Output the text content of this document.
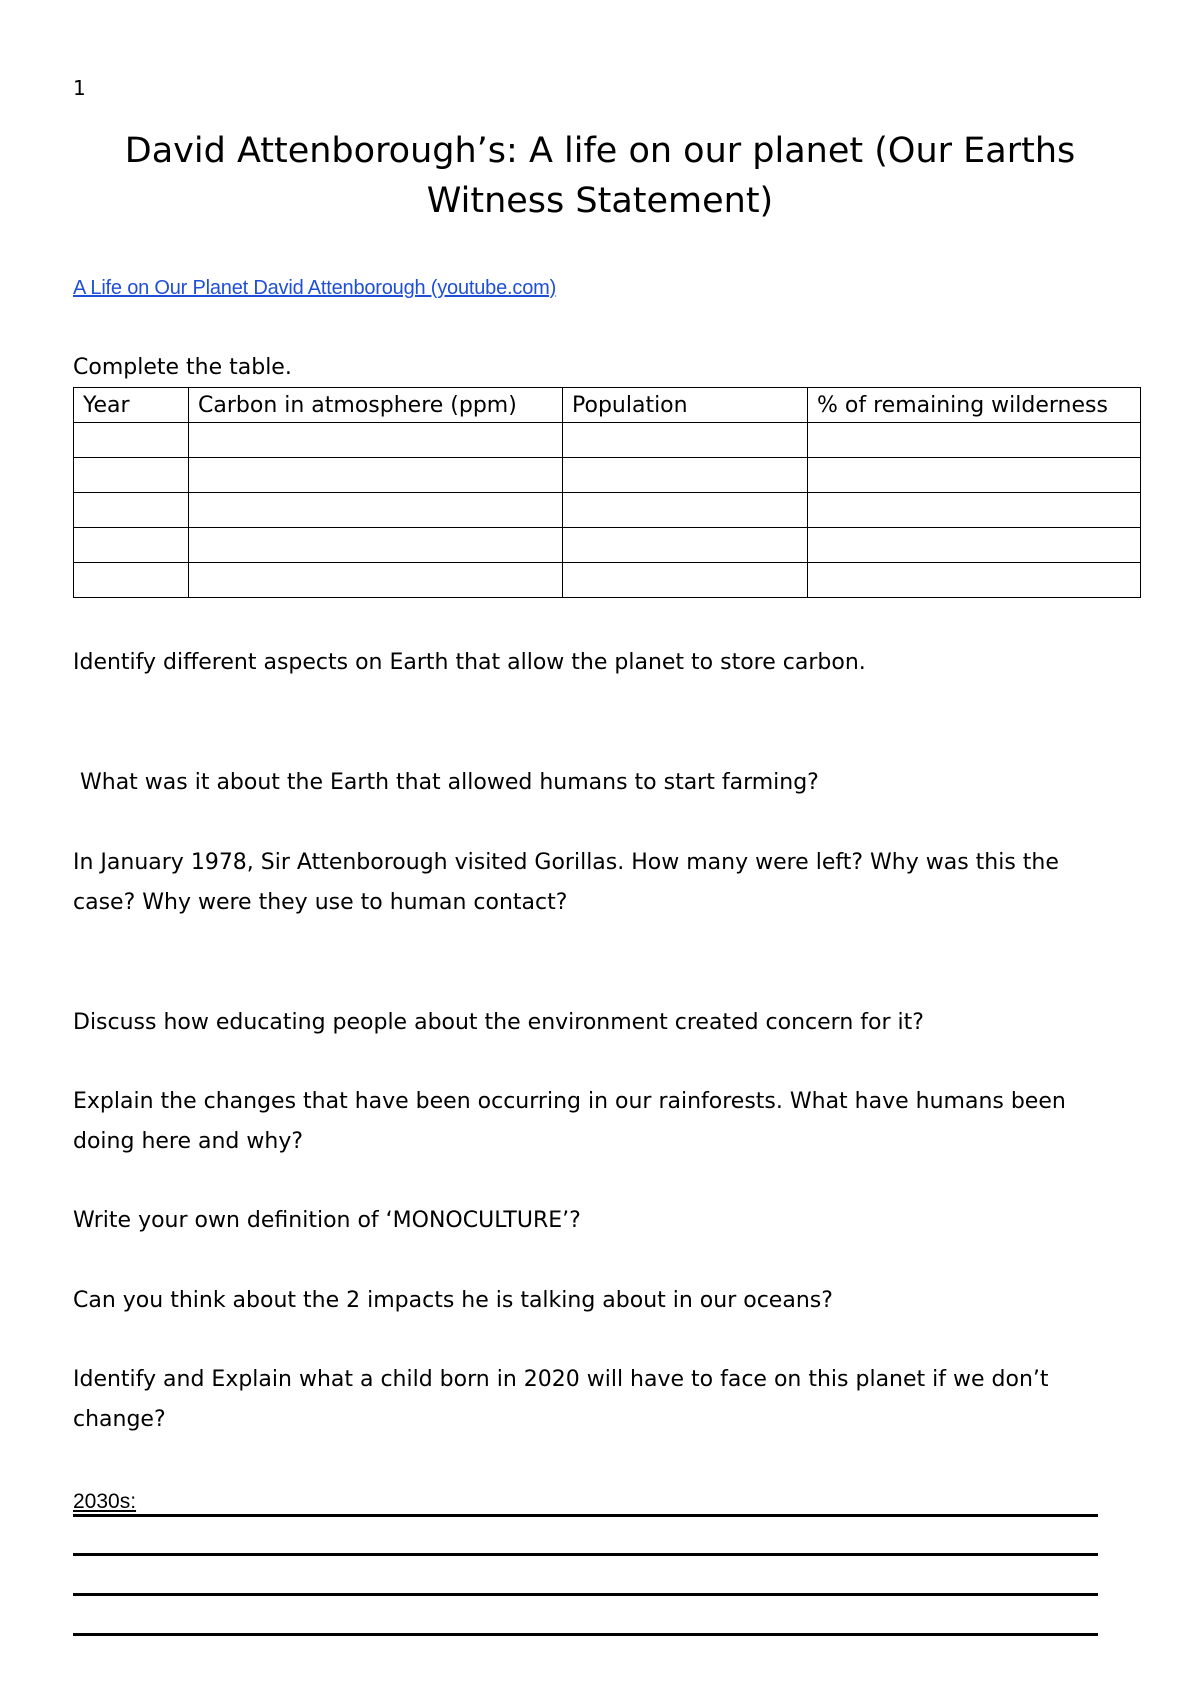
1
David Attenborough’s: A life on our planet (Our Earths
Witness Statement)
A Life on Our Planet David Attenborough (youtube.com)
Complete the table.
Year	Carbon in atmosphere (ppm)	Population	% of remaining wilderness

Identify different aspects on Earth that allow the planet to store carbon.
What was it about the Earth that allowed humans to start farming?
In January 1978, Sir Attenborough visited Gorillas. How many were left? Why was this the
case? Why were they use to human contact?
Discuss how educating people about the environment created concern for it?
Explain the changes that have been occurring in our rainforests. What have humans been
doing here and why?
Write your own definition of ‘MONOCULTURE’?
Can you think about the 2 impacts he is talking about in our oceans?
Identify and Explain what a child born in 2020 will have to face on this planet if we don’t
change?
2030s:
